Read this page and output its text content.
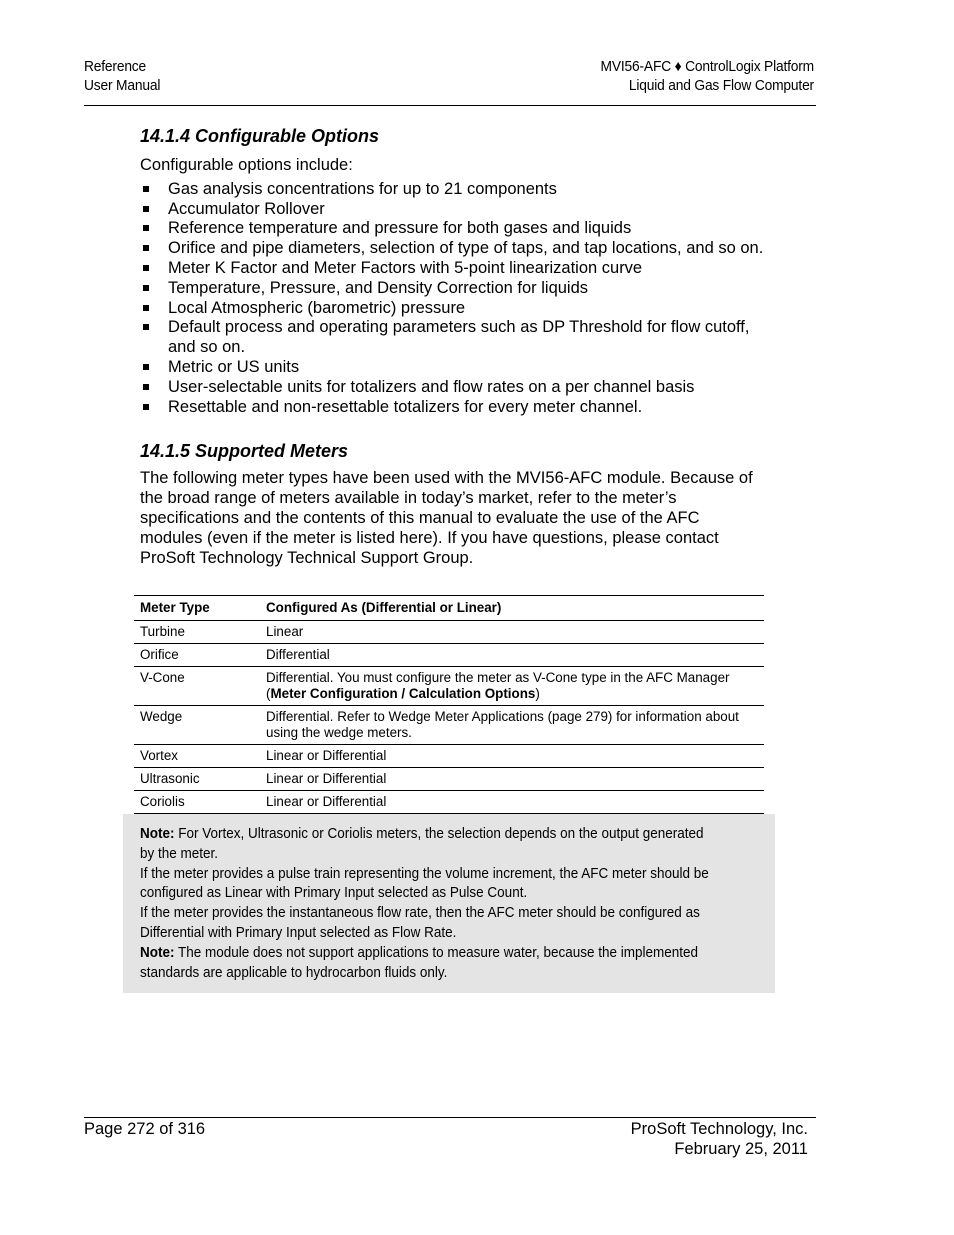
Reference
User Manual
MVI56-AFC ♦ ControlLogix Platform
Liquid and Gas Flow Computer
14.1.4 Configurable Options

Configurable options include:

Gas analysis concentrations for up to 21 components
Accumulator Rollover
Reference temperature and pressure for both gases and liquids
Orifice and pipe diameters, selection of type of taps, and tap locations, and so on.
Meter K Factor and Meter Factors with 5-point linearization curve
Temperature, Pressure, and Density Correction for liquids
Local Atmospheric (barometric) pressure
Default process and operating parameters such as DP Threshold for flow cutoff, and so on.
Metric or US units
User-selectable units for totalizers and flow rates on a per channel basis
Resettable and non-resettable totalizers for every meter channel.
14.1.5 Supported Meters

The following meter types have been used with the MVI56-AFC module. Because of the broad range of meters available in today’s market, refer to the meter’s specifications and the contents of this manual to evaluate the use of the AFC modules (even if the meter is listed here). If you have questions, please contact ProSoft Technology Technical Support Group.

Meter Type	Configured As (Differential or Linear)
Turbine	Linear
Orifice	Differential
V-Cone	Differential. You must configure the meter as V-Cone type in the AFC Manager (Meter Configuration / Calculation Options)
Wedge	Differential. Refer to Wedge Meter Applications (page 279) for information about using the wedge meters.
Vortex	Linear or Differential
Ultrasonic	Linear or Differential
Coriolis	Linear or Differential

Note: For Vortex, Ultrasonic or Coriolis meters, the selection depends on the output generated by the meter.

If the meter provides a pulse train representing the volume increment, the AFC meter should be configured as Linear with Primary Input selected as Pulse Count.

If the meter provides the instantaneous flow rate, then the AFC meter should be configured as Differential with Primary Input selected as Flow Rate.

Note: The module does not support applications to measure water, because the implemented standards are applicable to hydrocarbon fluids only.

Page 272 of 316	ProSoft Technology, Inc.
February 25, 2011
